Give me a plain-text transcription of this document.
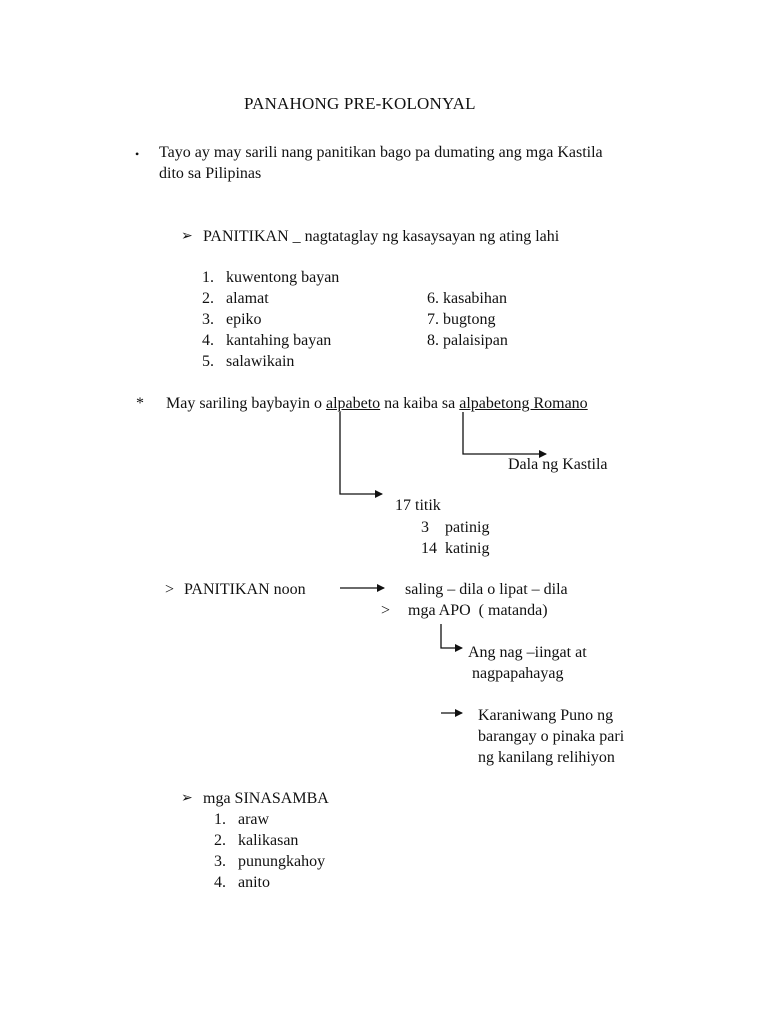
PANAHONG PRE-KOLONYAL
• Tayo ay may sarili nang panitikan bago pa dumating ang mga Kastila
dito sa Pilipinas
➢ PANITIKAN _ nagtataglay ng kasaysayan ng ating lahi
1. kuwentong bayan
2. alamat
3. epiko
4. kantahing bayan
5. salawikain
6. kasabihan
7. bugtong
8. palaisipan
* May sariling baybayin o alpabeto na kaiba sa alpabetong Romano
Dala ng Kastila
17 titik
3    patinig
14  katinig
> PANITIKAN noon	saling – dila o lipat – dila
> mga APO  ( matanda)
Ang nag –iingat at
nagpapahayag
Karaniwang Puno ng
barangay o pinaka pari
ng kanilang relihiyon
➢ mga SINASAMBA
1. araw
2. kalikasan
3. punungkahoy
4. anito
